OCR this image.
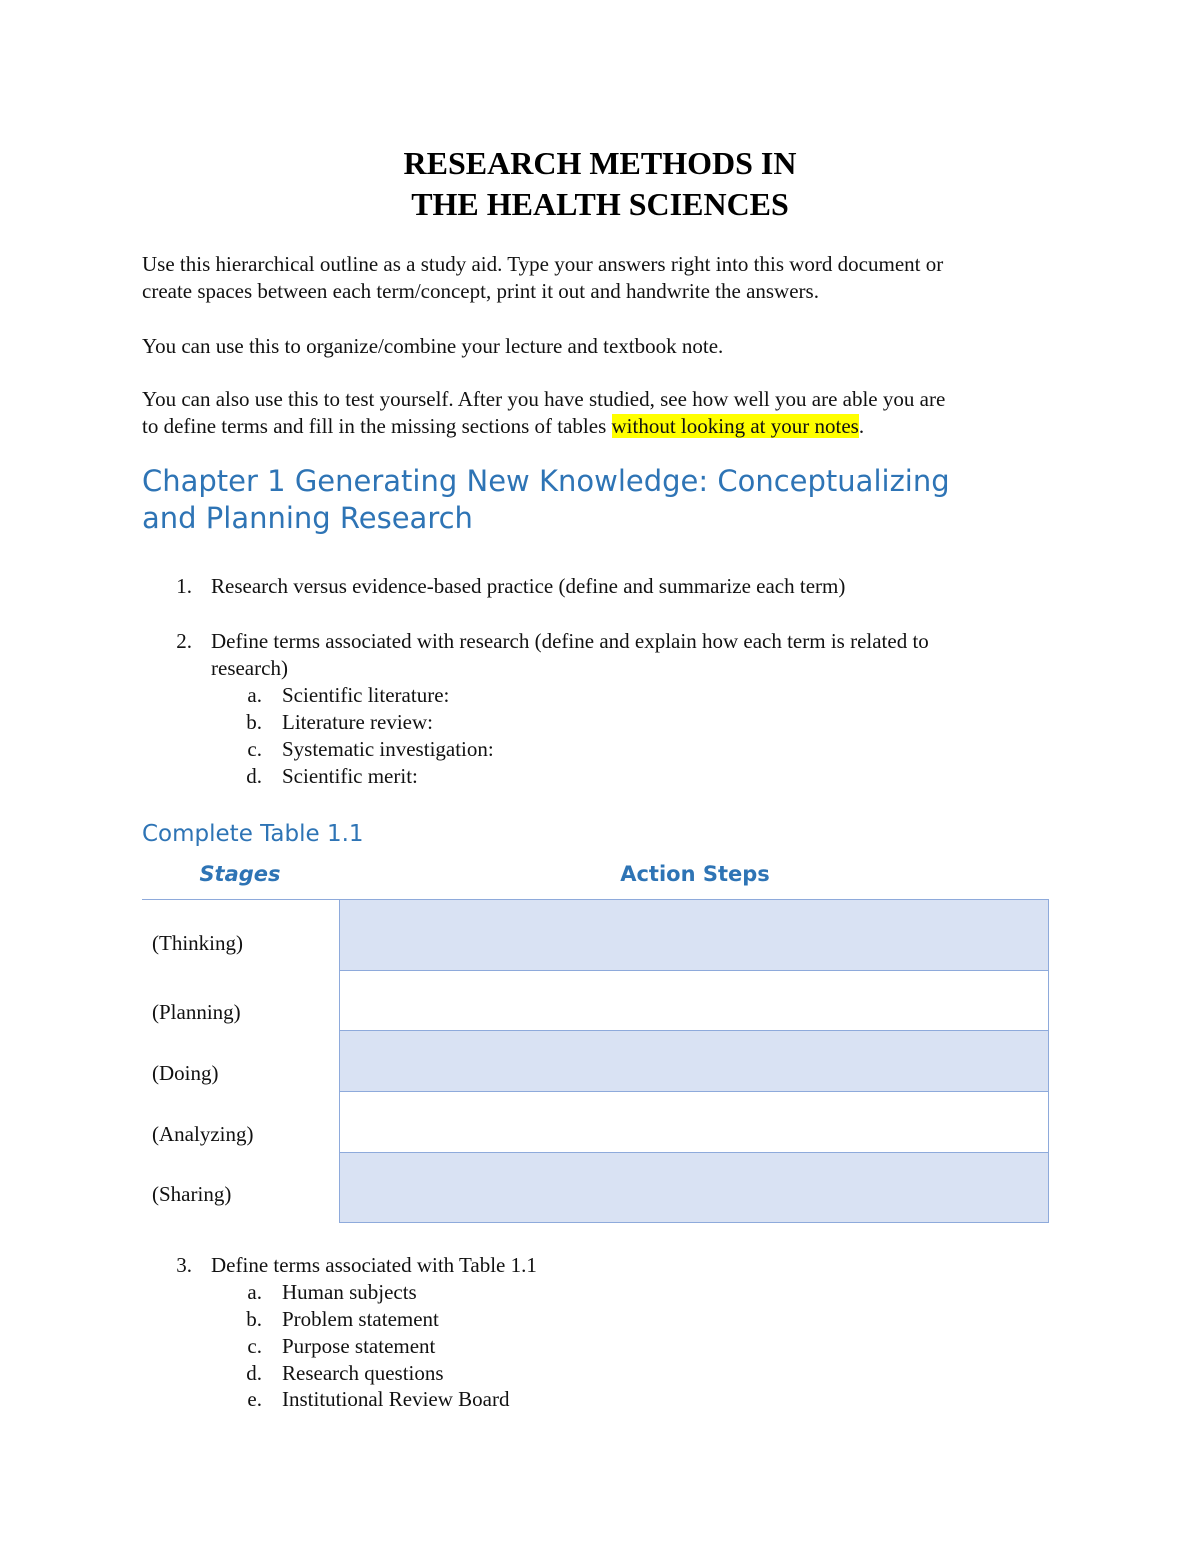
RESEARCH METHODS IN
THE HEALTH SCIENCES
Use this hierarchical outline as a study aid. Type your answers right into this word document or
create spaces between each term/concept, print it out and handwrite the answers.
You can use this to organize/combine your lecture and textbook note.
You can also use this to test yourself. After you have studied, see how well you are able you are
to define terms and fill in the missing sections of tables without looking at your notes.
Chapter 1 Generating New Knowledge: Conceptualizing
and Planning Research
1. Research versus evidence-based practice (define and summarize each term)
2. Define terms associated with research (define and explain how each term is related to
research)
a. Scientific literature:
b. Literature review:
c. Systematic investigation:
d. Scientific merit:
Complete Table 1.1
Stages	Action Steps
(Thinking)
(Planning)
(Doing)
(Analyzing)
(Sharing)
3. Define terms associated with Table 1.1
a. Human subjects
b. Problem statement
c. Purpose statement
d. Research questions
e. Institutional Review Board
